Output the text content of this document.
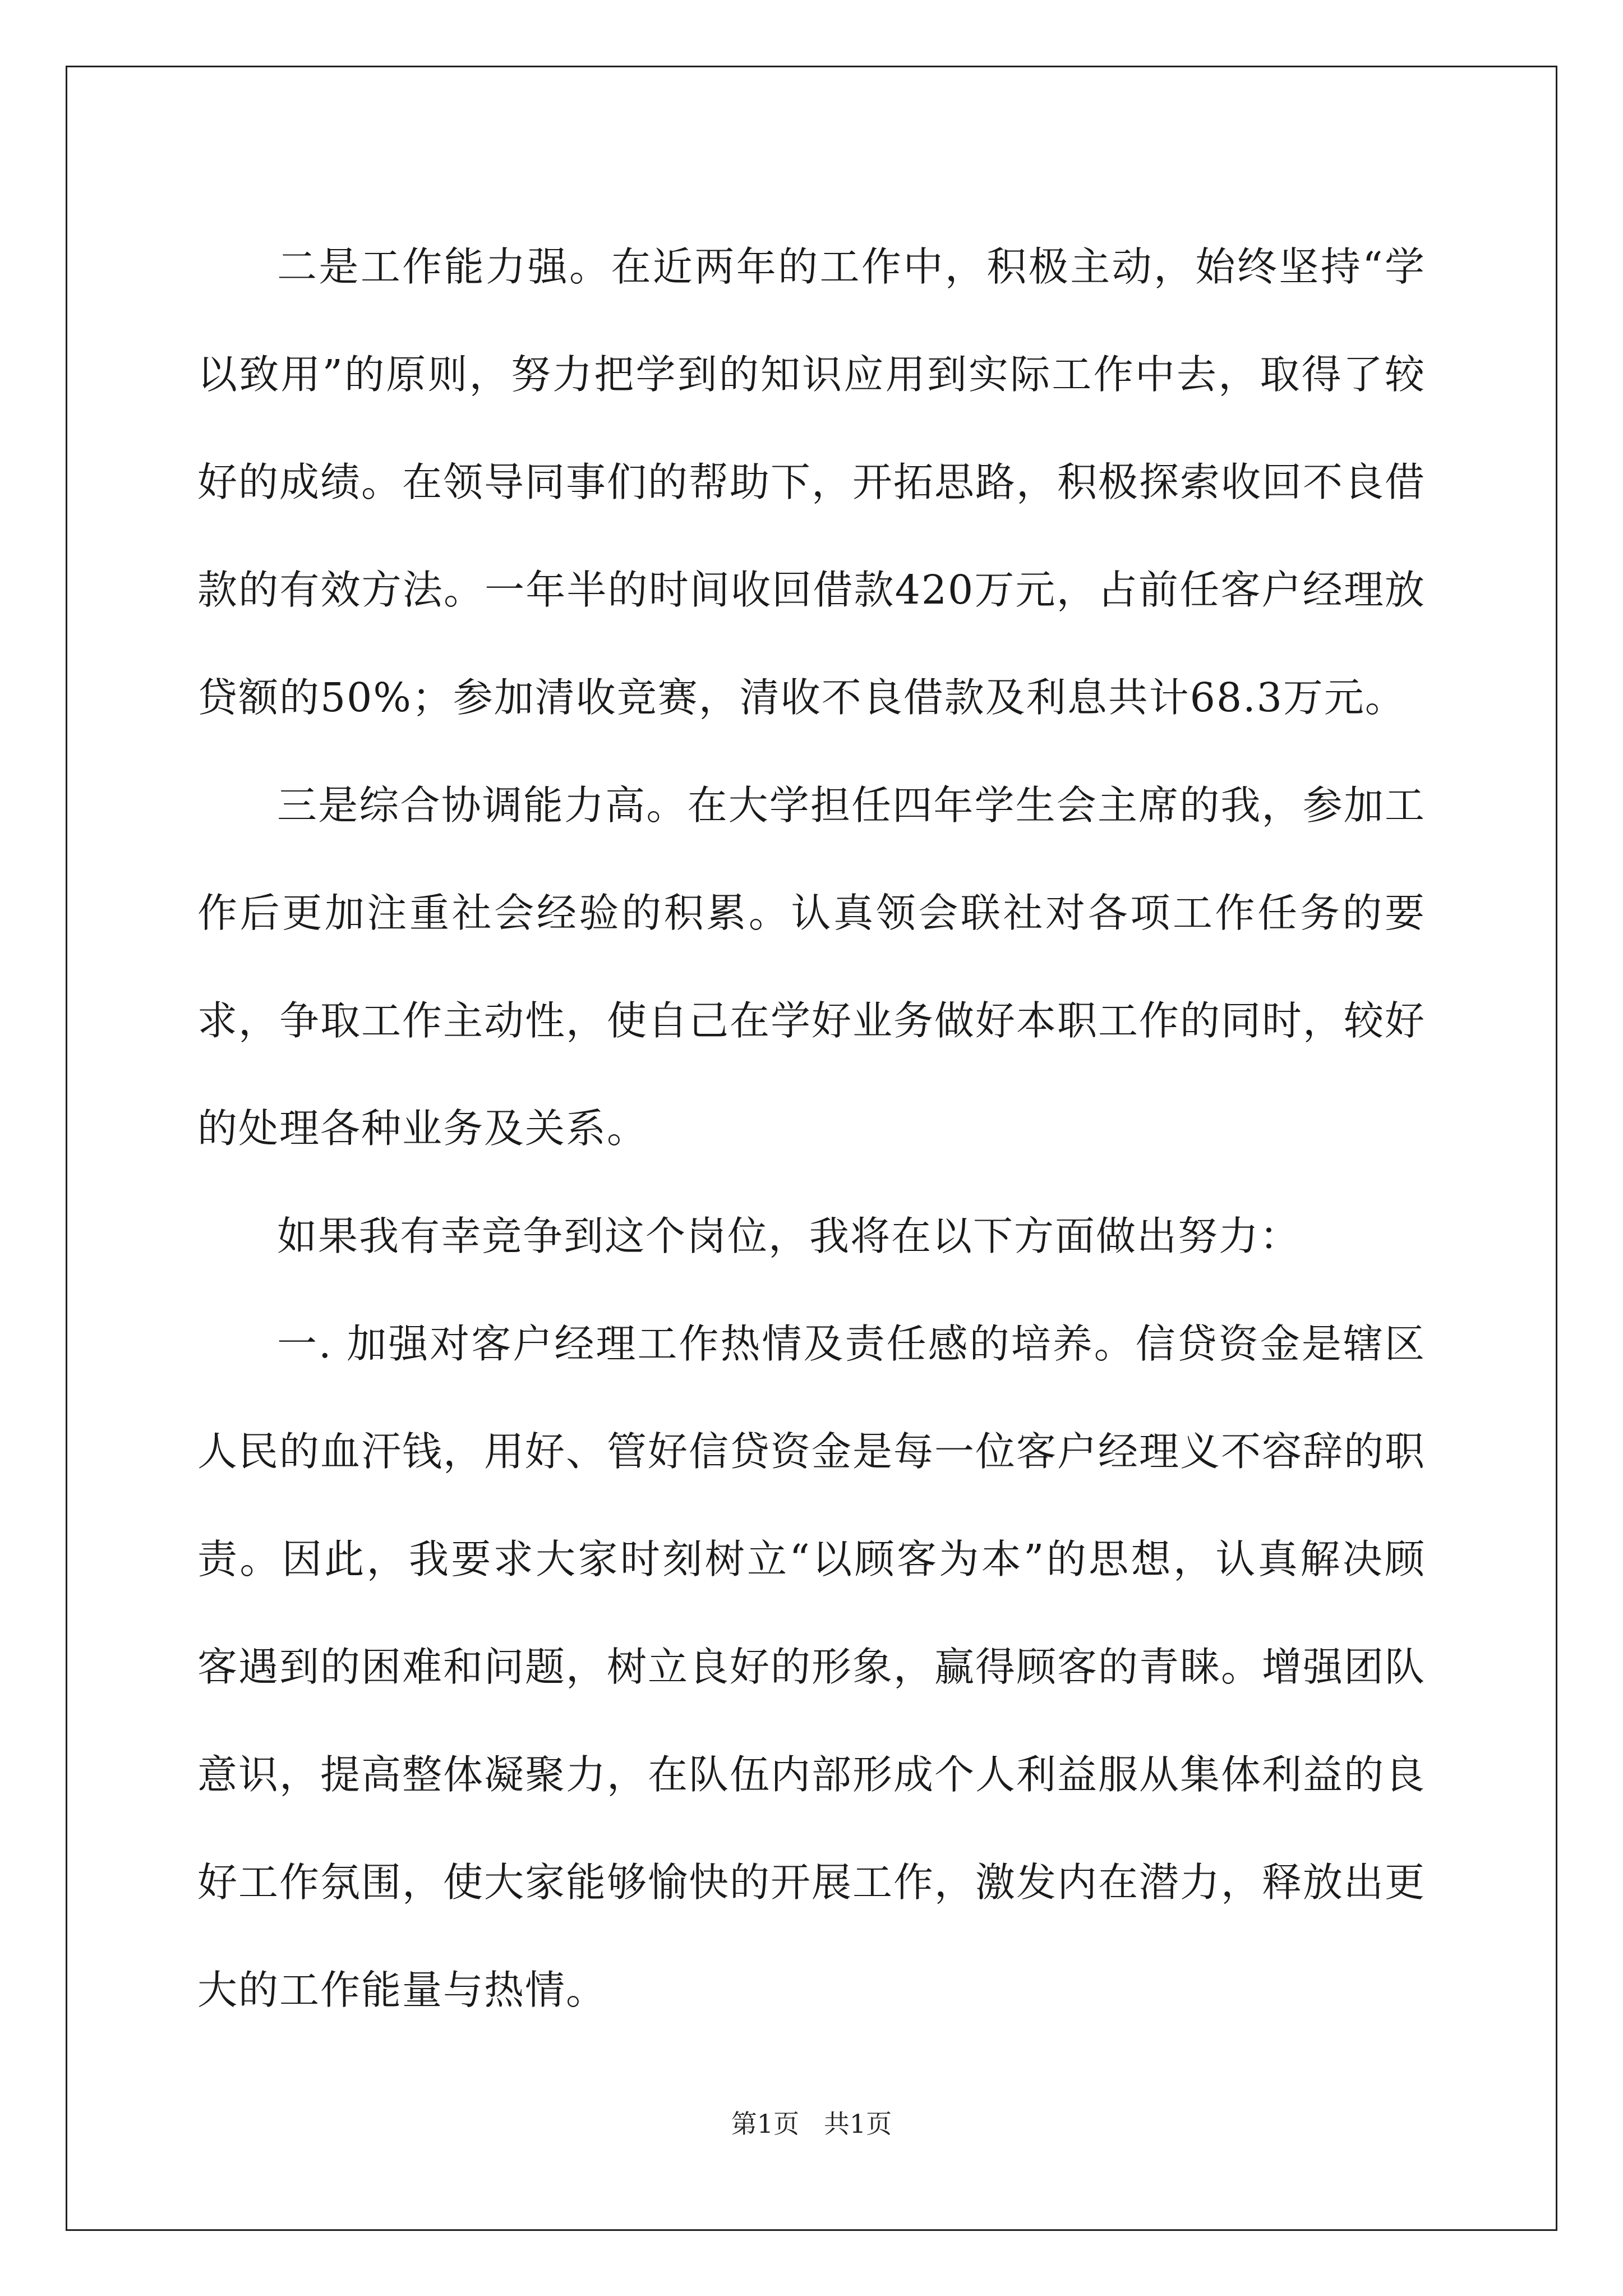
二是工作能力强。在近两年的工作中，积极主动，始终坚持“学以致用”的原则，努力把学到的知识应用到实际工作中去，取得了较好的成绩。在领导同事们的帮助下，开拓思路，积极探索收回不良借款的有效方法。一年半的时间收回借款420万元，占前任客户经理放贷额的50%；参加清收竞赛，清收不良借款及利息共计68.3万元。

三是综合协调能力高。在大学担任四年学生会主席的我，参加工作后更加注重社会经验的积累。认真领会联社对各项工作任务的要求，争取工作主动性，使自己在学好业务做好本职工作的同时，较好的处理各种业务及关系。

如果我有幸竞争到这个岗位，我将在以下方面做出努力：

一. 加强对客户经理工作热情及责任感的培养。信贷资金是辖区人民的血汗钱，用好、管好信贷资金是每一位客户经理义不容辞的职责。因此，我要求大家时刻树立“以顾客为本”的思想，认真解决顾客遇到的困难和问题，树立良好的形象，赢得顾客的青睐。增强团队意识，提高整体凝聚力，在队伍内部形成个人利益服从集体利益的良好工作氛围，使大家能够愉快的开展工作，激发内在潜力，释放出更大的工作能量与热情。

第1页   共1页
